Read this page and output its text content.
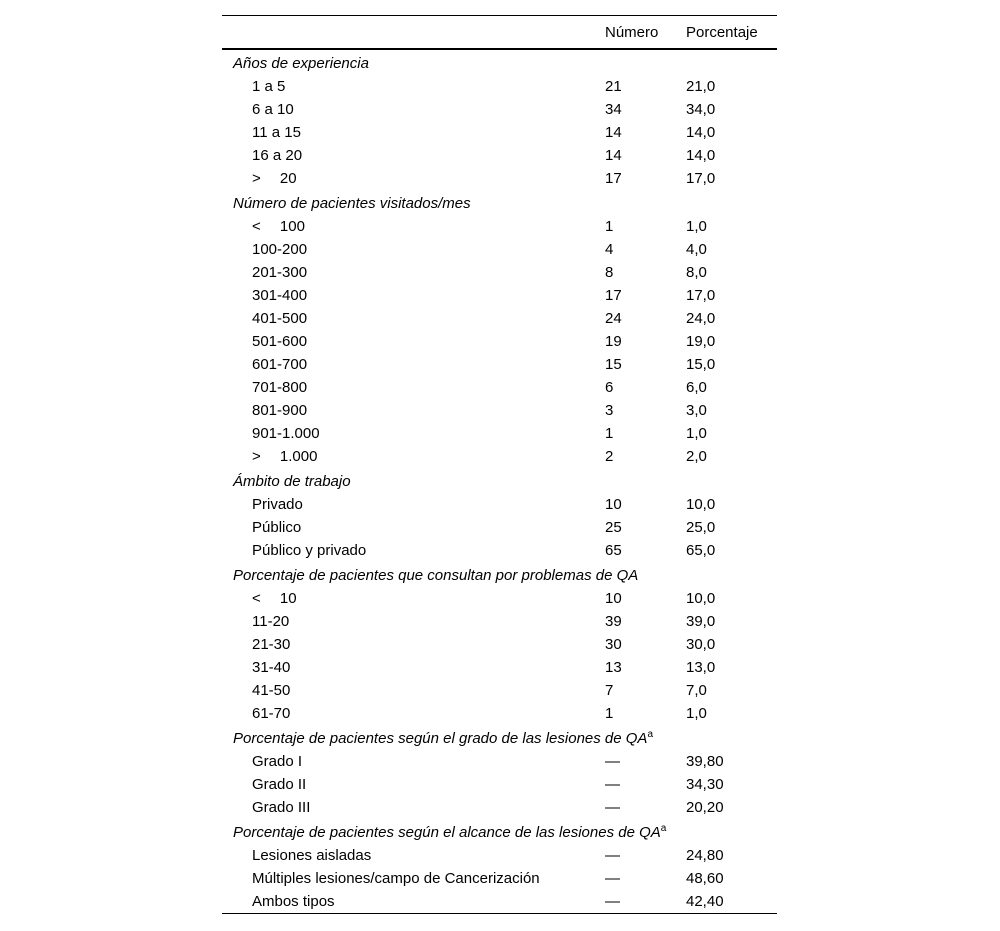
Número Porcentaje
Años de experiencia
1 a 5	21	21,0
6 a 10	34	34,0
11 a 15	14	14,0
16 a 20	14	14,0
>  20	17	17,0
Número de pacientes visitados/mes
<  100	1	1,0
100-200	4	4,0
201-300	8	8,0
301-400	17	17,0
401-500	24	24,0
501-600	19	19,0
601-700	15	15,0
701-800	6	6,0
801-900	3	3,0
901-1.000	1	1,0
>  1.000	2	2,0
Ámbito de trabajo
Privado	10	10,0
Público	25	25,0
Público y privado	65	65,0
Porcentaje de pacientes que consultan por problemas de QA
<  10	10	10,0
11-20	39	39,0
21-30	30	30,0
31-40	13	13,0
41-50	7	7,0
61-70	1	1,0
Porcentaje de pacientes según el grado de las lesiones de $QA^a$
Grado I	—	39,80
Grado II	—	34,30
Grado III	—	20,20
Porcentaje de pacientes según el alcance de las lesiones de $QA^a$
Lesiones aisladas	—	24,80
Múltiples lesiones/campo de Cancerización	—	48,60
Ambos tipos	—	42,40
